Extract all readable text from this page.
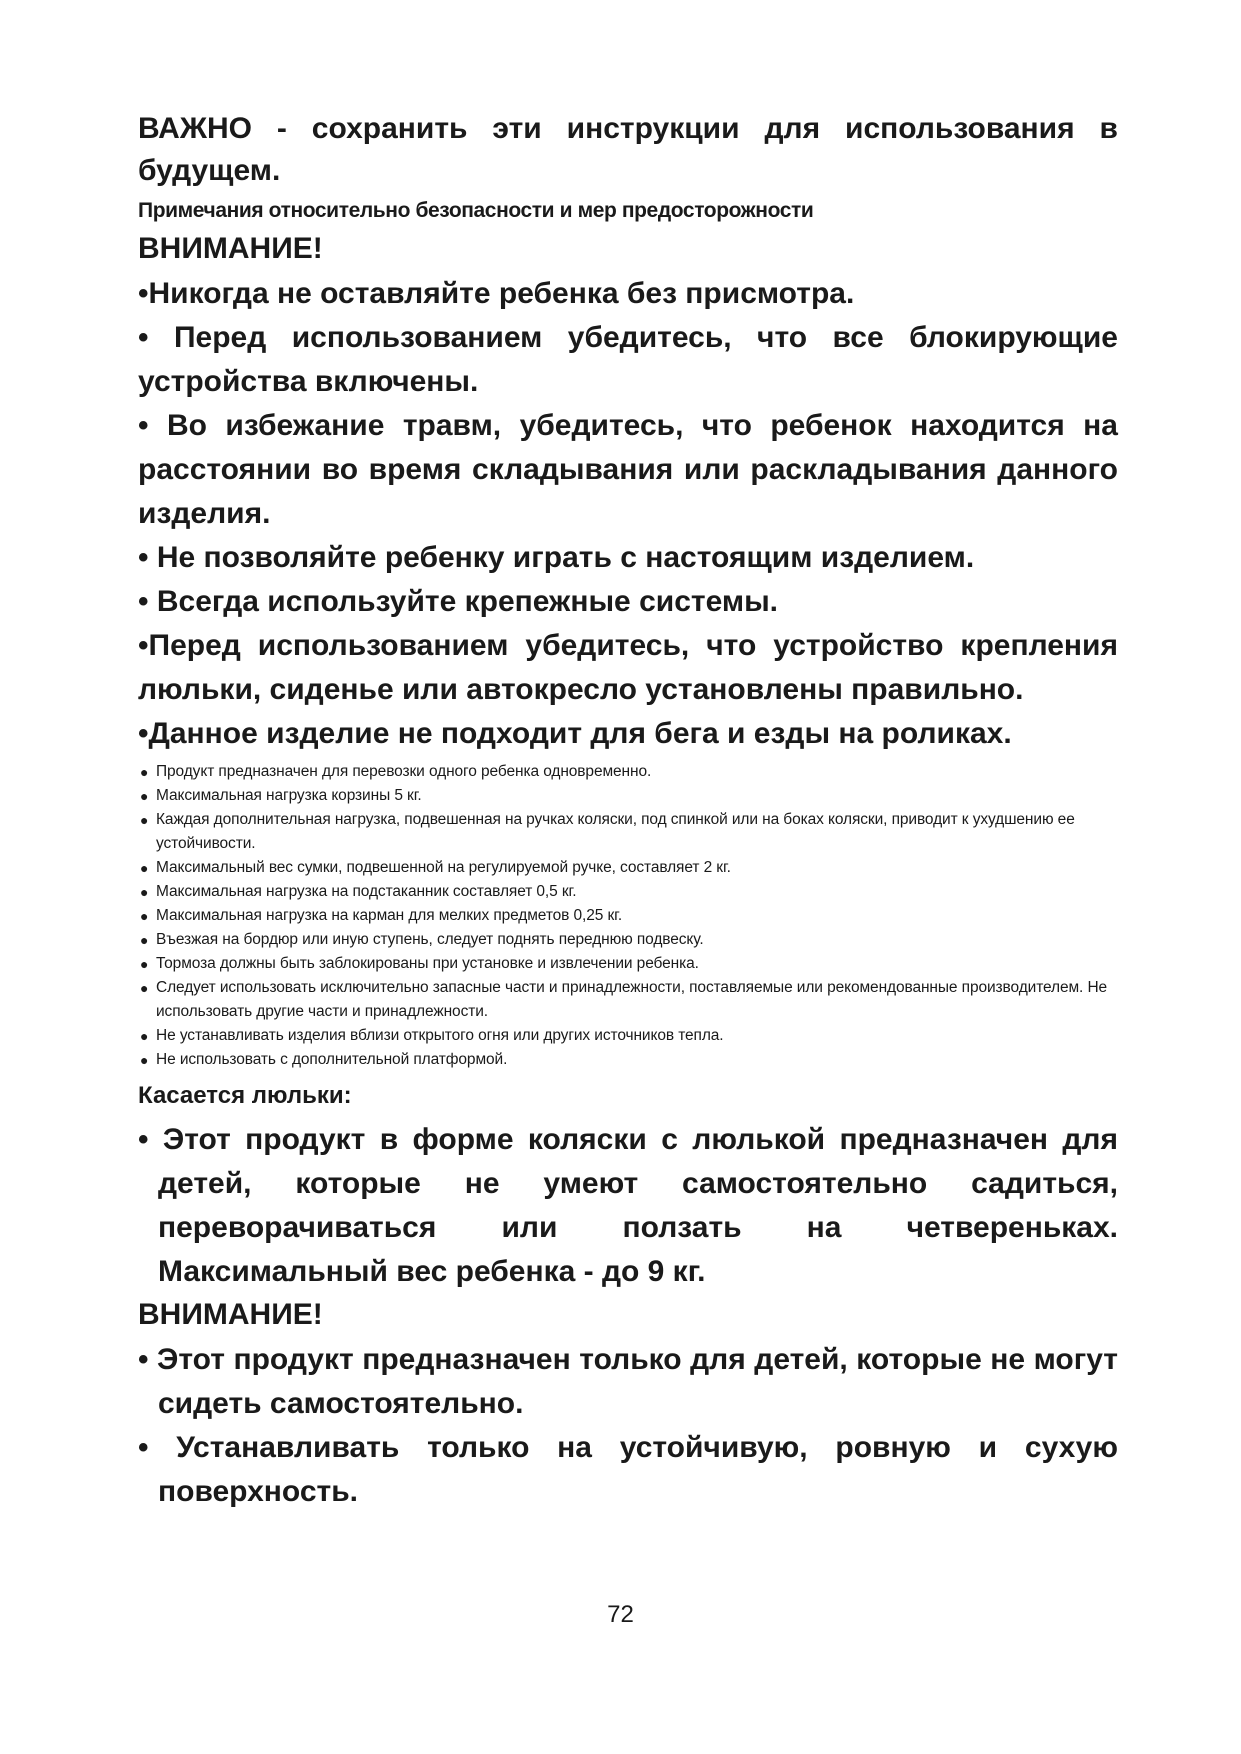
ВАЖНО - сохранить эти инструкции для использования в будущем.

Примечания относительно безопасности и мер предосторожности

ВНИМАНИЕ!

•Никогда не оставляйте ребенка без присмотра.
• Перед использованием убедитесь, что все блокирующие устройства включены.
• Во избежание травм, убедитесь, что ребенок находится на расстоянии во время складывания или раскладывания данного изделия.
• Не позволяйте ребенку играть с настоящим изделием.
• Всегда используйте крепежные системы.
•Перед использованием убедитесь, что устройство крепления люльки, сиденье или автокресло установлены правильно.
•Данное изделие не подходит для бега и езды на роликах.
● Продукт предназначен для перевозки одного ребенка одновременно.
● Максимальная нагрузка корзины 5 кг.
● Каждая дополнительная нагрузка, подвешенная на ручках коляски, под спинкой или на боках коляски, приводит к ухудшению ее устойчивости.
● Максимальный вес сумки, подвешенной на регулируемой ручке, составляет 2 кг.
● Максимальная нагрузка на подстаканник составляет 0,5 кг.
● Максимальная нагрузка на карман для мелких предметов 0,25 кг.
● Въезжая на бордюр или иную ступень, следует поднять переднюю подвеску.
● Тормоза должны быть заблокированы при установке и извлечении ребенка.
● Следует использовать исключительно запасные части и принадлежности, поставляемые или рекомендованные производителем. Не использовать другие части и принадлежности.
● Не устанавливать изделия вблизи открытого огня или других источников тепла.
● Не использовать с дополнительной платформой.

Касается люльки:

• Этот продукт в форме коляски с люлькой предназначен для детей, которые не умеют самостоятельно садиться, переворачиваться или ползать на четвереньках. Максимальный вес ребенка - до 9 кг.

ВНИМАНИЕ!

• Этот продукт предназначен только для детей, которые не могут сидеть самостоятельно.
• Устанавливать только на устойчивую, ровную и сухую поверхность.
72
